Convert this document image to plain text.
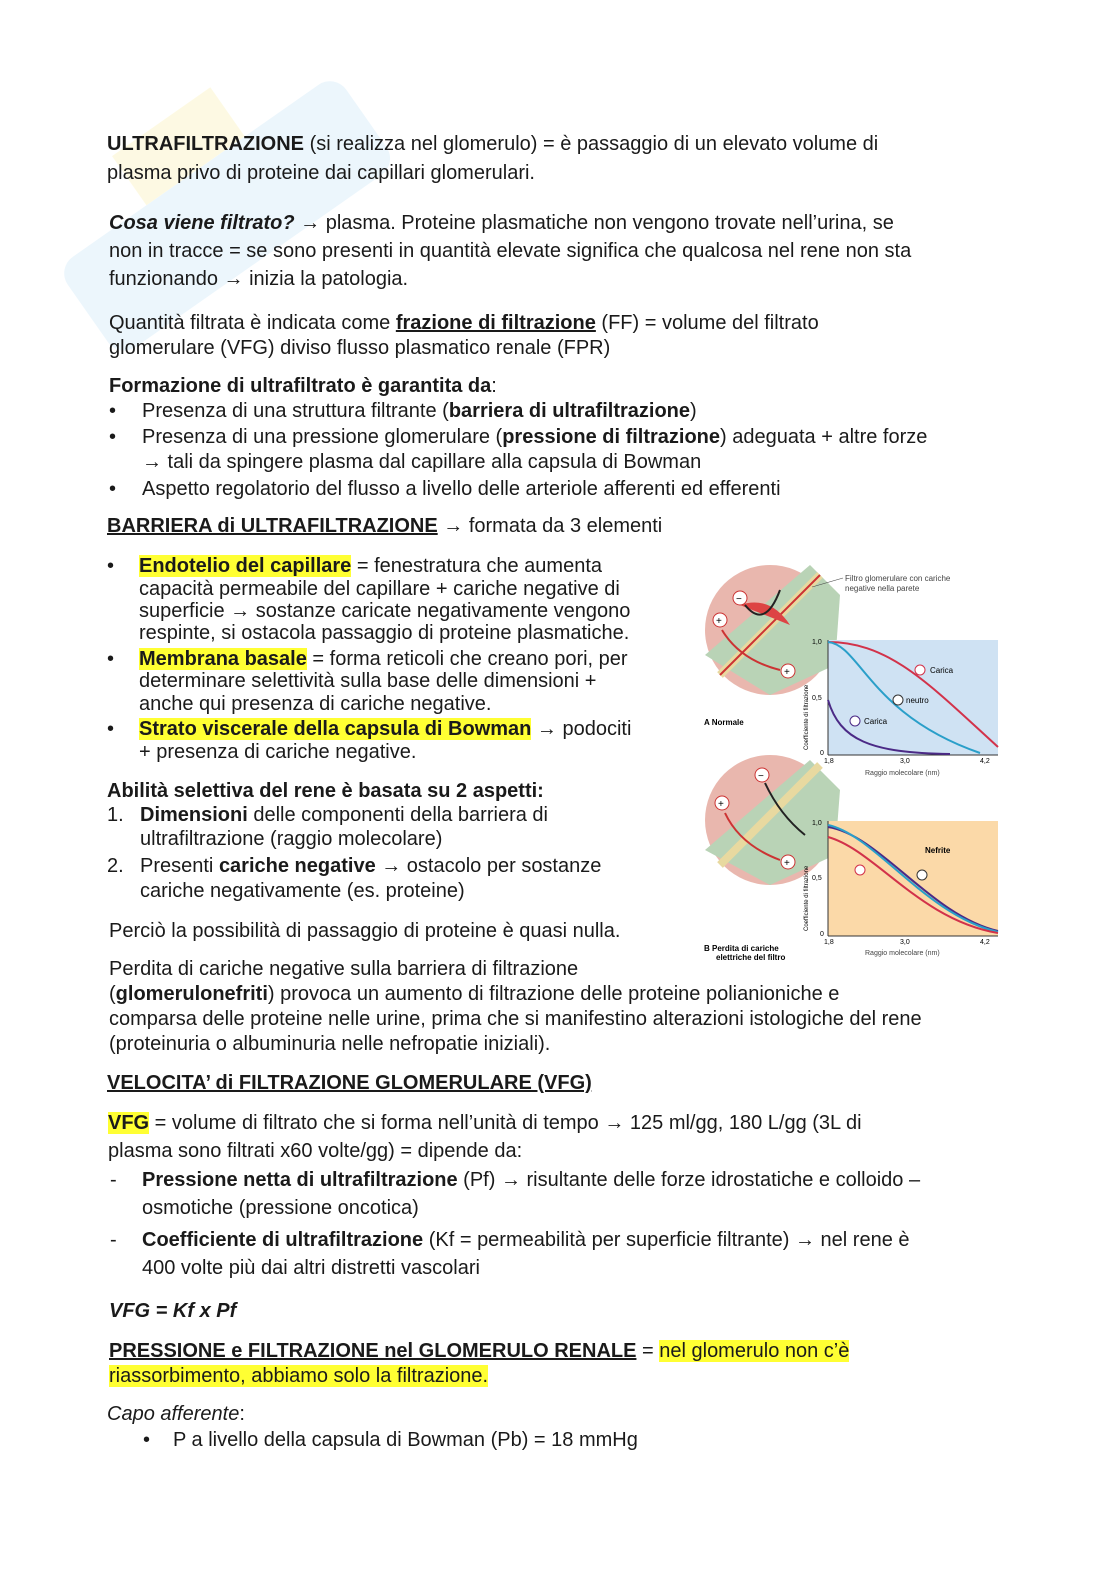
ULTRAFILTRAZIONE (si realizza nel glomerulo) = è passaggio di un elevato volume di
plasma privo di proteine dai capillari glomerulari.
Cosa viene filtrato? → plasma. Proteine plasmatiche non vengono trovate nell’urina, se
non in tracce = se sono presenti in quantità elevate significa che qualcosa nel rene non sta
funzionando → inizia la patologia.
Quantità filtrata è indicata come frazione di filtrazione (FF) = volume del filtrato
glomerulare (VFG) diviso flusso plasmatico renale (FPR)
Formazione di ultrafiltrato è garantita da:
• Presenza di una struttura filtrante (barriera di ultrafiltrazione)
• Presenza di una pressione glomerulare (pressione di filtrazione) adeguata + altre forze
→ tali da spingere plasma dal capillare alla capsula di Bowman
• Aspetto regolatorio del flusso a livello delle arteriole afferenti ed efferenti
BARRIERA di ULTRAFILTRAZIONE → formata da 3 elementi
• Endotelio del capillare = fenestratura che aumenta
capacità permeabile del capillare + cariche negative di
superficie → sostanze caricate negativamente vengono
respinte, si ostacola passaggio di proteine plasmatiche.
• Membrana basale = forma reticoli che creano pori, per
determinare selettività sulla base delle dimensioni +
anche qui presenza di cariche negative.
• Strato viscerale della capsula di Bowman → podociti
+ presenza di cariche negative.
Abilità selettiva del rene è basata su 2 aspetti:
1. Dimensioni delle componenti della barriera di
ultrafiltrazione (raggio molecolare)
2. Presenti cariche negative → ostacolo per sostanze
cariche negativamente (es. proteine)
Perciò la possibilità di passaggio di proteine è quasi nulla.
Perdita di cariche negative sulla barriera di filtrazione
(glomerulonefriti) provoca un aumento di filtrazione delle proteine polianioniche e
comparsa delle proteine nelle urine, prima che si manifestino alterazioni istologiche del rene
(proteinuria o albuminuria nelle nefropatie iniziali).
VELOCITA’ di FILTRAZIONE GLOMERULARE (VFG)
VFG = volume di filtrato che si forma nell’unità di tempo → 125 ml/gg, 180 L/gg (3L di
plasma sono filtrati x60 volte/gg) = dipende da:
- Pressione netta di ultrafiltrazione (Pf) → risultante delle forze idrostatiche e colloido –
osmotiche (pressione oncotica)
- Coefficiente di ultrafiltrazione (Kf = permeabilità per superficie filtrante) → nel rene è
400 volte più dai altri distretti vascolari
VFG = Kf x Pf
PRESSIONE e FILTRAZIONE nel GLOMERULO RENALE = nel glomerulo non c’è
riassorbimento, abbiamo solo la filtrazione.
Capo afferente:
• P a livello della capsula di Bowman (Pb) = 18 mmHg
−
+
+
Filtro glomerulare con cariche
negative nella parete
1,0
0,5
0
1,8	3,0	4,2
Raggio molecolare (nm)
Coefficiente di filtrazione
Carica
neutro
Carica
A Normale
−
+
+
Nefrite
1,0
0,5
0
1,8	3,0	4,2
Raggio molecolare (nm)
Coefficiente di filtrazione
B Perdita di cariche
elettriche del filtro
